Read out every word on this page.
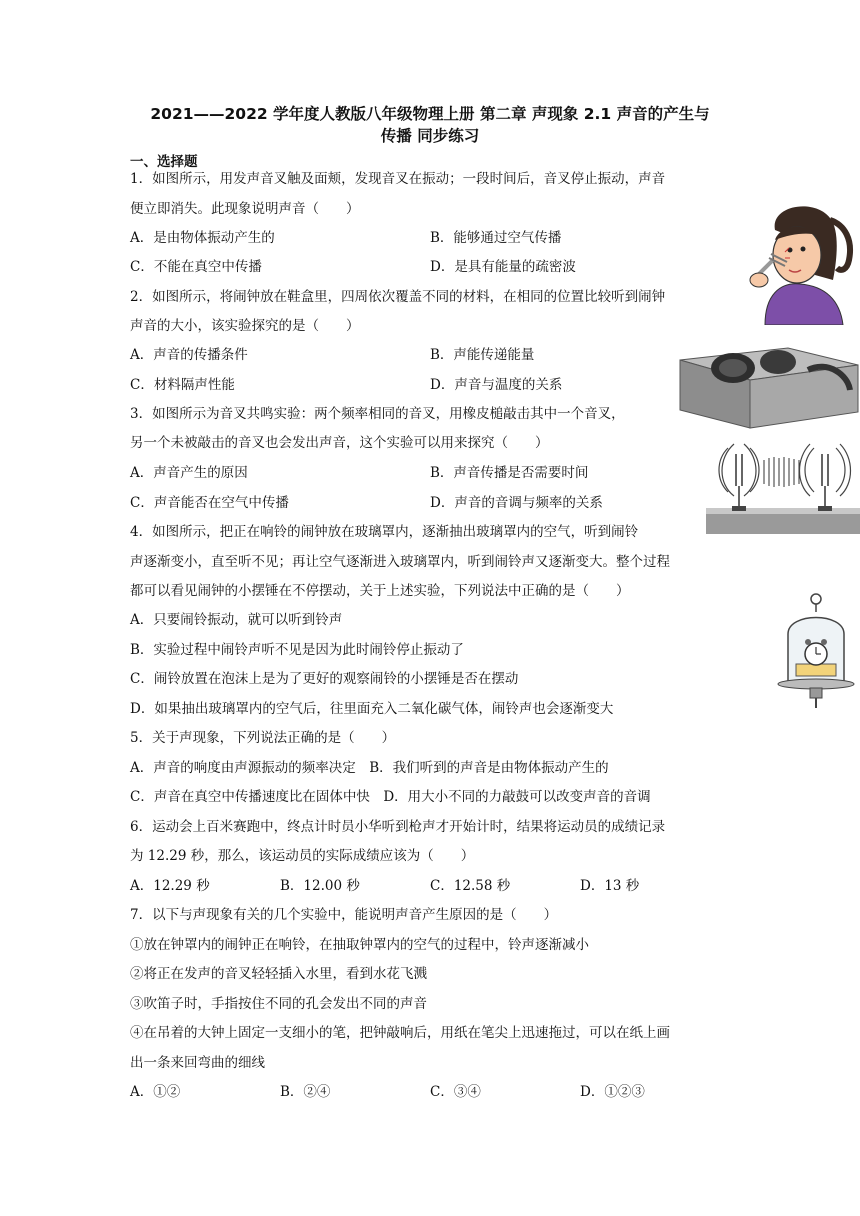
2021——2022 学年度人教版八年级物理上册 第二章 声现象 2.1 声音的产生与
传播 同步练习
一、选择题
1．如图所示，用发声音叉触及面颊，发现音叉在振动；一段时间后，音叉停止振动，声音
便立即消失。此现象说明声音（　　）
A．是由物体振动产生的	B．能够通过空气传播
C．不能在真空中传播	D．是具有能量的疏密波
2．如图所示，将闹钟放在鞋盒里，四周依次覆盖不同的材料，在相同的位置比较听到闹钟
声音的大小，该实验探究的是（　　）
A．声音的传播条件	B．声能传递能量
C．材料隔声性能	D．声音与温度的关系
3．如图所示为音叉共鸣实验：两个频率相同的音叉，用橡皮槌敲击其中一个音叉，
另一个未被敲击的音叉也会发出声音，这个实验可以用来探究（　　）
A．声音产生的原因	B．声音传播是否需要时间
C．声音能否在空气中传播	D．声音的音调与频率的关系
4．如图所示，把正在响铃的闹钟放在玻璃罩内，逐渐抽出玻璃罩内的空气，听到闹铃
声逐渐变小，直至听不见；再让空气逐渐进入玻璃罩内，听到闹铃声又逐渐变大。整个过程
都可以看见闹钟的小摆锤在不停摆动，关于上述实验，下列说法中正确的是（　　）
A．只要闹铃振动，就可以听到铃声
B．实验过程中闹铃声听不见是因为此时闹铃停止振动了
C．闹铃放置在泡沫上是为了更好的观察闹铃的小摆锤是否在摆动
D．如果抽出玻璃罩内的空气后，往里面充入二氧化碳气体，闹铃声也会逐渐变大
5．关于声现象，下列说法正确的是（　　）
A．声音的响度由声源振动的频率决定　B．我们听到的声音是由物体振动产生的
C．声音在真空中传播速度比在固体中快　D．用大小不同的力敲鼓可以改变声音的音调
6．运动会上百米赛跑中，终点计时员小华听到枪声才开始计时，结果将运动员的成绩记录
为 12.29 秒，那么，该运动员的实际成绩应该为（　　）
A．12.29 秒	B．12.00 秒	C．12.58 秒	D．13 秒
7．以下与声现象有关的几个实验中，能说明声音产生原因的是（　　）
①放在钟罩内的闹钟正在响铃，在抽取钟罩内的空气的过程中，铃声逐渐减小
②将正在发声的音叉轻轻插入水里，看到水花飞溅
③吹笛子时，手指按住不同的孔会发出不同的声音
④在吊着的大钟上固定一支细小的笔，把钟敲响后，用纸在笔尖上迅速拖过，可以在纸上画
出一条来回弯曲的细线
A．①②	B．②④	C．③④	D．①②③
